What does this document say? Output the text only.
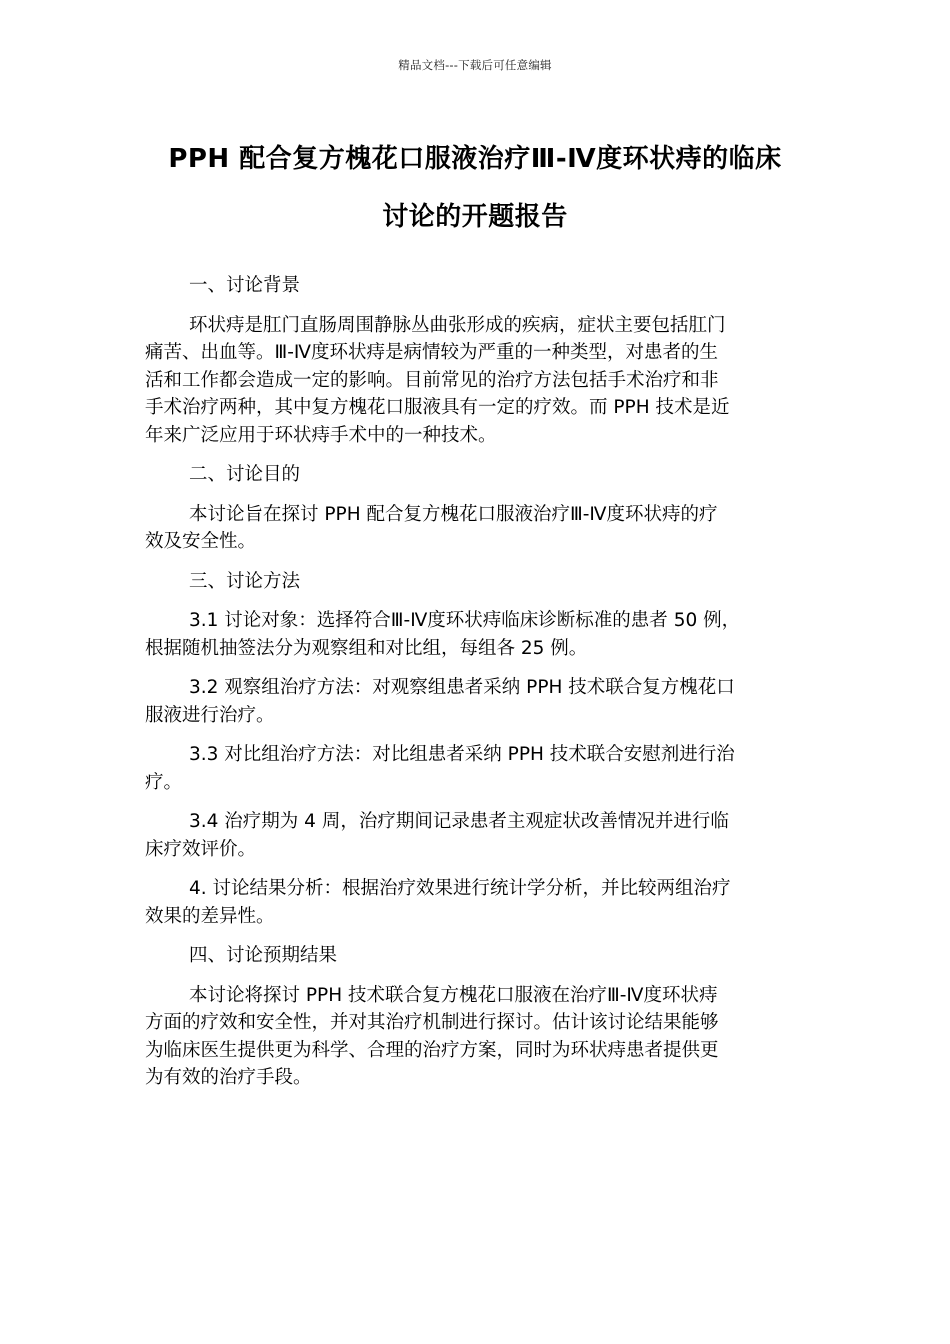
精品文档---下载后可任意编辑
PPH 配合复方槐花口服液治疗Ⅲ-Ⅳ度环状痔的临床
讨论的开题报告
一、讨论背景
环状痔是肛门直肠周围静脉丛曲张形成的疾病，症状主要包括肛门
痛苦、出血等。Ⅲ-Ⅳ度环状痔是病情较为严重的一种类型，对患者的生
活和工作都会造成一定的影响。目前常见的治疗方法包括手术治疗和非
手术治疗两种，其中复方槐花口服液具有一定的疗效。而 PPH 技术是近
年来广泛应用于环状痔手术中的一种技术。
二、讨论目的
本讨论旨在探讨 PPH 配合复方槐花口服液治疗Ⅲ-Ⅳ度环状痔的疗
效及安全性。
三、讨论方法
3.1 讨论对象：选择符合Ⅲ-Ⅳ度环状痔临床诊断标准的患者 50 例，
根据随机抽签法分为观察组和对比组，每组各 25 例。
3.2 观察组治疗方法：对观察组患者采纳 PPH 技术联合复方槐花口
服液进行治疗。
3.3 对比组治疗方法：对比组患者采纳 PPH 技术联合安慰剂进行治
疗。
3.4 治疗期为 4 周，治疗期间记录患者主观症状改善情况并进行临
床疗效评价。
4. 讨论结果分析：根据治疗效果进行统计学分析，并比较两组治疗
效果的差异性。
四、讨论预期结果
本讨论将探讨 PPH 技术联合复方槐花口服液在治疗Ⅲ-Ⅳ度环状痔
方面的疗效和安全性，并对其治疗机制进行探讨。估计该讨论结果能够
为临床医生提供更为科学、合理的治疗方案，同时为环状痔患者提供更
为有效的治疗手段。
